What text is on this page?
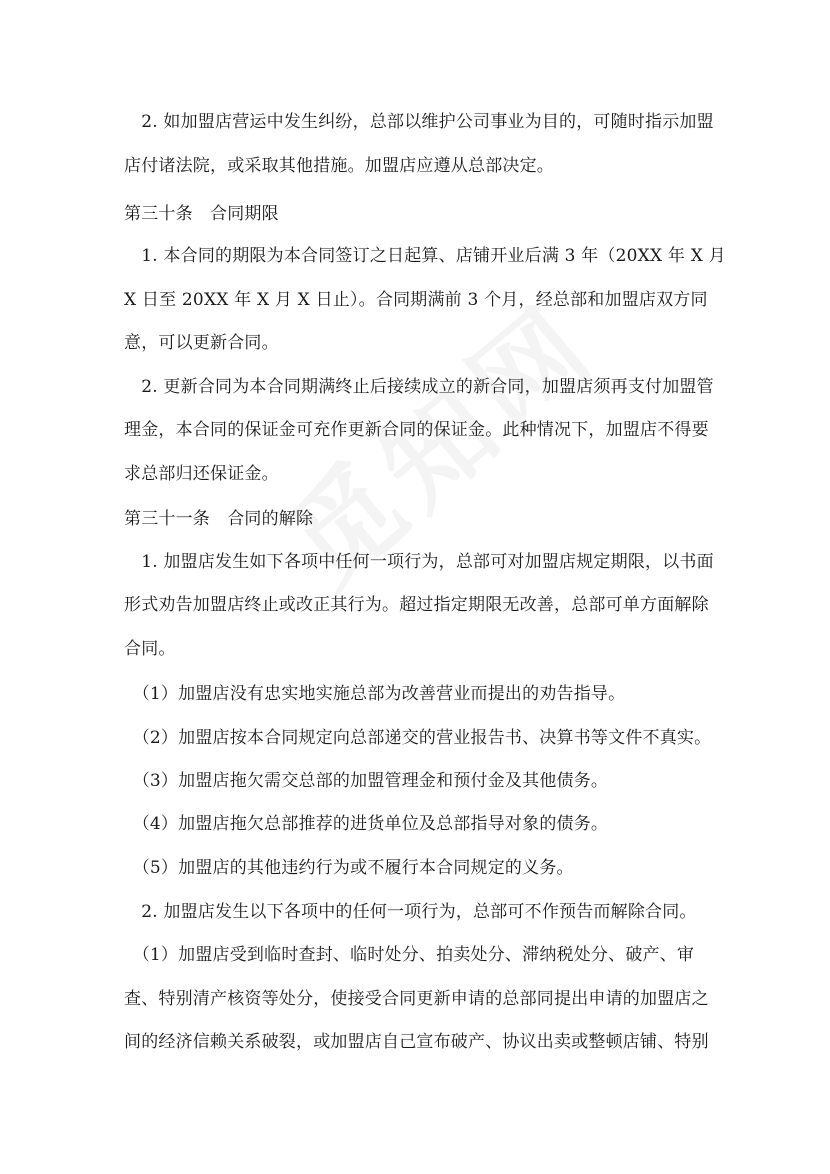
　2. 如加盟店营运中发生纠纷，总部以维护公司事业为目的，可随时指示加盟
店付诸法院，或采取其他措施。加盟店应遵从总部决定。
第三十条　合同期限
　1. 本合同的期限为本合同签订之日起算、店铺开业后满 3 年（20XX 年 X 月
X 日至 20XX 年 X 月 X 日止）。合同期满前 3 个月，经总部和加盟店双方同
意，可以更新合同。
　2. 更新合同为本合同期满终止后接续成立的新合同，加盟店须再支付加盟管
理金，本合同的保证金可充作更新合同的保证金。此种情况下，加盟店不得要
求总部归还保证金。
第三十一条　合同的解除
　1. 加盟店发生如下各项中任何一项行为，总部可对加盟店规定期限，以书面
形式劝告加盟店终止或改正其行为。超过指定期限无改善，总部可单方面解除
合同。
　（1）加盟店没有忠实地实施总部为改善营业而提出的劝告指导。
　（2）加盟店按本合同规定向总部递交的营业报告书、决算书等文件不真实。
　（3）加盟店拖欠需交总部的加盟管理金和预付金及其他债务。
　（4）加盟店拖欠总部推荐的进货单位及总部指导对象的债务。
　（5）加盟店的其他违约行为或不履行本合同规定的义务。
　2. 加盟店发生以下各项中的任何一项行为，总部可不作预告而解除合同。
　（1）加盟店受到临时查封、临时处分、拍卖处分、滞纳税处分、破产、审
查、特别清产核资等处分，使接受合同更新申请的总部同提出申请的加盟店之
间的经济信赖关系破裂，或加盟店自己宣布破产、协议出卖或整顿店铺、特别
